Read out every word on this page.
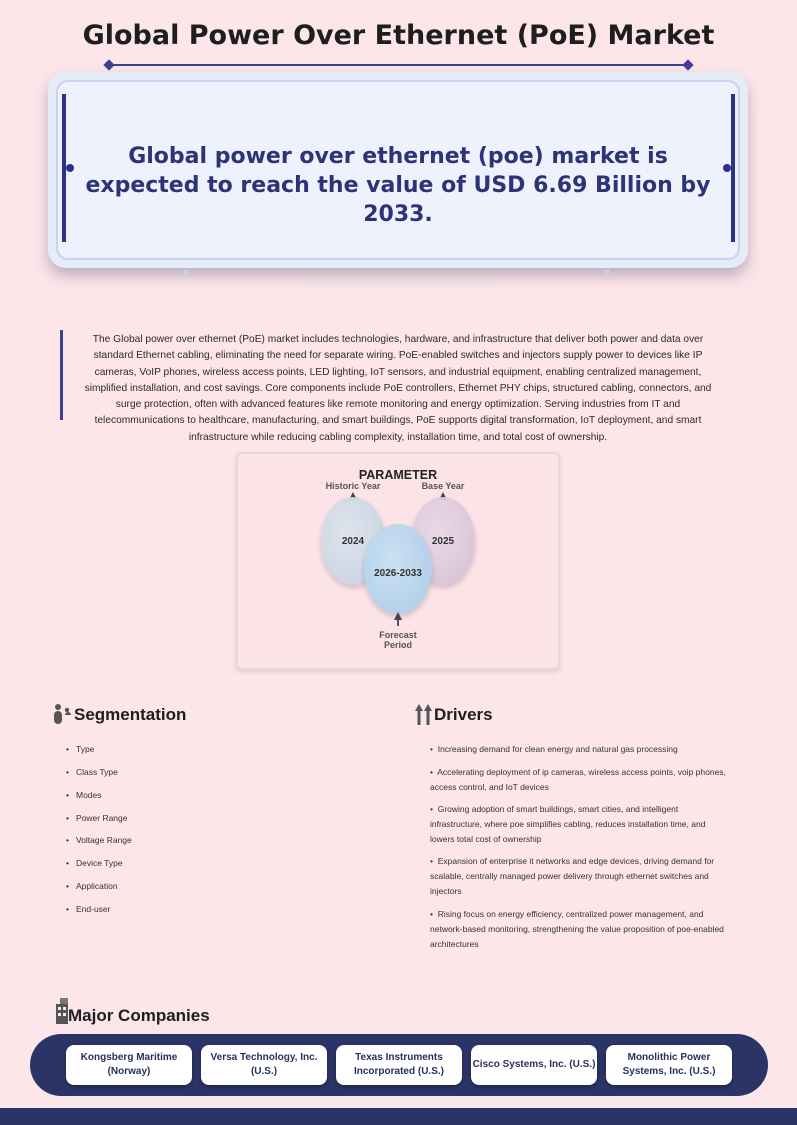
Global Power Over Ethernet (PoE) Market
Global power over ethernet (poe) market is expected to reach the value of USD 6.69 Billion by 2033.
The Global power over ethernet (PoE) market includes technologies, hardware, and infrastructure that deliver both power and data over standard Ethernet cabling, eliminating the need for separate wiring. PoE-enabled switches and injectors supply power to devices like IP cameras, VoIP phones, wireless access points, LED lighting, IoT sensors, and industrial equipment, enabling centralized management, simplified installation, and cost savings. Core components include PoE controllers, Ethernet PHY chips, structured cabling, connectors, and surge protection, often with advanced features like remote monitoring and energy optimization. Serving industries from IT and telecommunications to healthcare, manufacturing, and smart buildings, PoE supports digital transformation, IoT deployment, and smart infrastructure while reducing cabling complexity, installation time, and total cost of ownership.
PARAMETER
Historic Year	Base Year
2024	2025
2026-2033
Forecast
Period
Segmentation
• Type
• Class Type
• Modes
• Power Range
• Voltage Range
• Device Type
• Application
• End-user
Drivers
•  Increasing demand for clean energy and natural gas processing
•  Accelerating deployment of ip cameras, wireless access points, voip phones, access control, and IoT devices
•  Growing adoption of smart buildings, smart cities, and intelligent infrastructure, where poe simplifies cabling, reduces installation time, and lowers total cost of ownership
•  Expansion of enterprise it networks and edge devices, driving demand for scalable, centrally managed power delivery through ethernet switches and injectors
•  Rising focus on energy efficiency, centralized power management, and network-based monitoring, strengthening the value proposition of poe-enabled architectures
Major Companies
Kongsberg Maritime
(Norway)
Versa Technology, Inc.
(U.S.)
Texas Instruments
Incorporated (U.S.)
Cisco Systems, Inc. (U.S.)
Monolithic Power
Systems, Inc. (U.S.)
